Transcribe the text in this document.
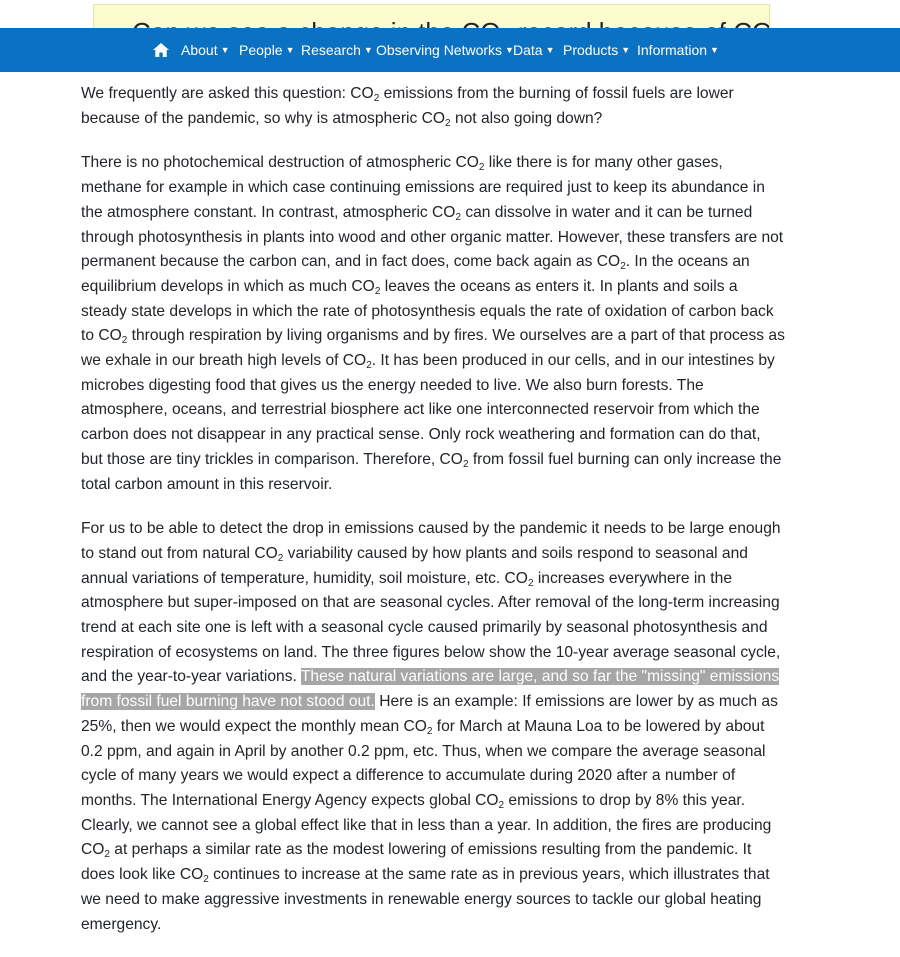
About ▼ People ▼ Research ▼ Observing Networks ▼ Data ▼ Products ▼ Information ▼

We frequently are asked this question: $CO_2$ emissions from the burning of fossil fuels are lower because of the pandemic, so why is atmospheric $CO_2$ not also going down?

There is no photochemical destruction of atmospheric $CO_2$ like there is for many other gases, methane for example in which case continuing emissions are required just to keep its abundance in the atmosphere constant. In contrast, atmospheric $CO_2$ can dissolve in water and it can be turned through photosynthesis in plants into wood and other organic matter. However, these transfers are not permanent because the carbon can, and in fact does, come back again as $CO_2$. In the oceans an equilibrium develops in which as much $CO_2$ leaves the oceans as enters it. In plants and soils a steady state develops in which the rate of photosynthesis equals the rate of oxidation of carbon back to $CO_2$ through respiration by living organisms and by fires. We ourselves are a part of that process as we exhale in our breath high levels of $CO_2$. It has been produced in our cells, and in our intestines by microbes digesting food that gives us the energy needed to live. We also burn forests. The atmosphere, oceans, and terrestrial biosphere act like one interconnected reservoir from which the carbon does not disappear in any practical sense. Only rock weathering and formation can do that, but those are tiny trickles in comparison. Therefore, $CO_2$ from fossil fuel burning can only increase the total carbon amount in this reservoir.

For us to be able to detect the drop in emissions caused by the pandemic it needs to be large enough to stand out from natural $CO_2$ variability caused by how plants and soils respond to seasonal and annual variations of temperature, humidity, soil moisture, etc. $CO_2$ increases everywhere in the atmosphere but super-imposed on that are seasonal cycles. After removal of the long-term increasing trend at each site one is left with a seasonal cycle caused primarily by seasonal photosynthesis and respiration of ecosystems on land. The three figures below show the 10-year average seasonal cycle, and the year-to-year variations. These natural variations are large, and so far the "missing" emissions from fossil fuel burning have not stood out. Here is an example: If emissions are lower by as much as 25%, then we would expect the monthly mean $CO_2$ for March at Mauna Loa to be lowered by about 0.2 ppm, and again in April by another 0.2 ppm, etc. Thus, when we compare the average seasonal cycle of many years we would expect a difference to accumulate during 2020 after a number of months. The International Energy Agency expects global $CO_2$ emissions to drop by 8% this year. Clearly, we cannot see a global effect like that in less than a year. In addition, the fires are producing $CO_2$ at perhaps a similar rate as the modest lowering of emissions resulting from the pandemic. It does look like $CO_2$ continues to increase at the same rate as in previous years, which illustrates that we need to make aggressive investments in renewable energy sources to tackle our global heating emergency.
